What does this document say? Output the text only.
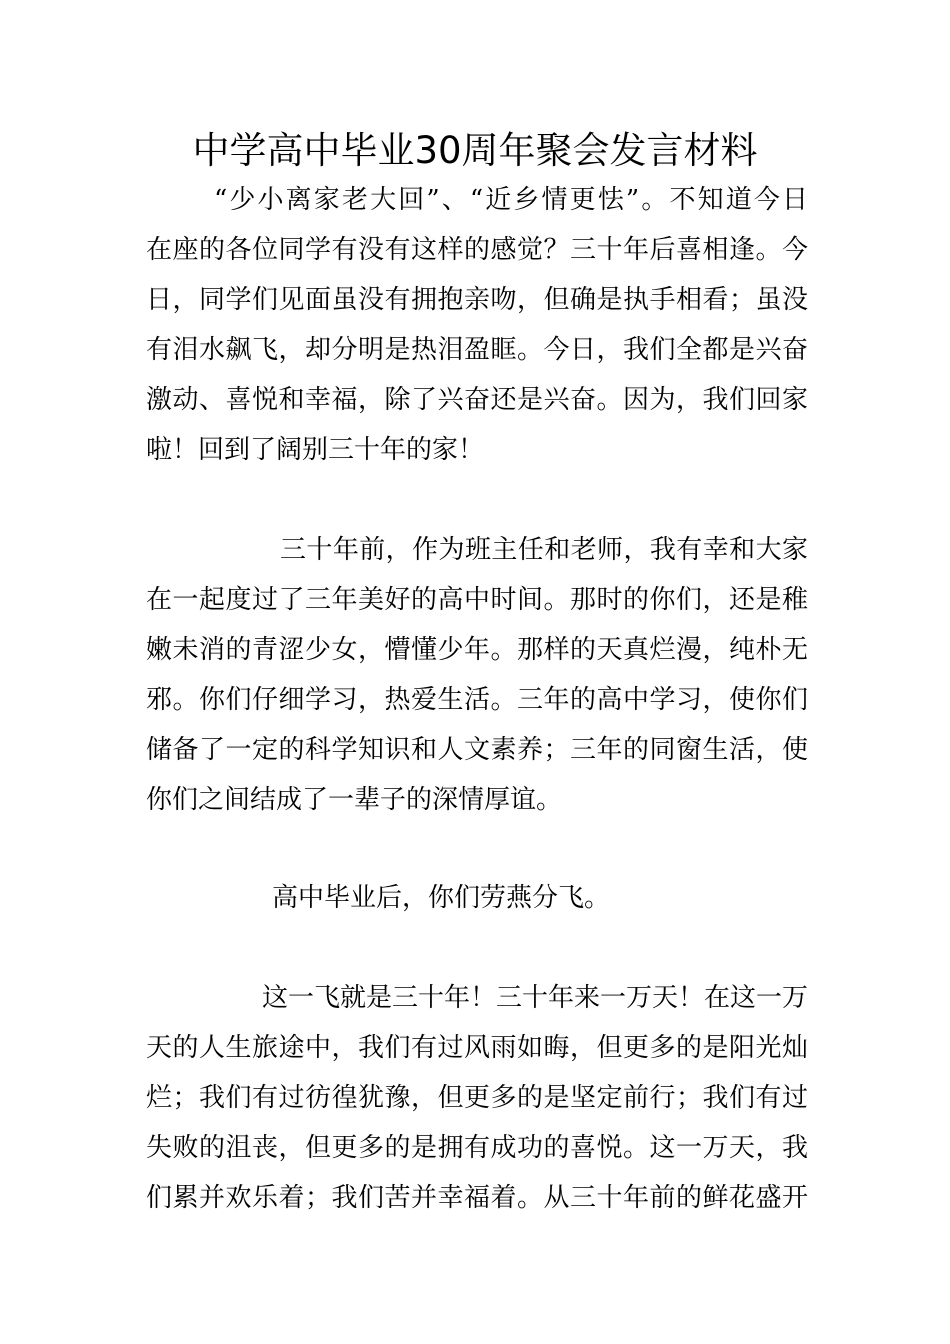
中学高中毕业30周年聚会发言材料
“少小离家老大回”、“近乡情更怯”。不知道今日
在座的各位同学有没有这样的感觉？三十年后喜相逢。今
日，同学们见面虽没有拥抱亲吻，但确是执手相看；虽没
有泪水飙飞，却分明是热泪盈眶。今日，我们全都是兴奋
激动、喜悦和幸福，除了兴奋还是兴奋。因为，我们回家
啦！回到了阔别三十年的家！
三十年前，作为班主任和老师，我有幸和大家
在一起度过了三年美好的高中时间。那时的你们，还是稚
嫩未消的青涩少女，懵懂少年。那样的天真烂漫，纯朴无
邪。你们仔细学习，热爱生活。三年的高中学习，使你们
储备了一定的科学知识和人文素养；三年的同窗生活，使
你们之间结成了一辈子的深情厚谊。
高中毕业后，你们劳燕分飞。
这一飞就是三十年！三十年来一万天！在这一万
天的人生旅途中，我们有过风雨如晦，但更多的是阳光灿
烂；我们有过彷徨犹豫，但更多的是坚定前行；我们有过
失败的沮丧，但更多的是拥有成功的喜悦。这一万天，我
们累并欢乐着；我们苦并幸福着。从三十年前的鲜花盛开
